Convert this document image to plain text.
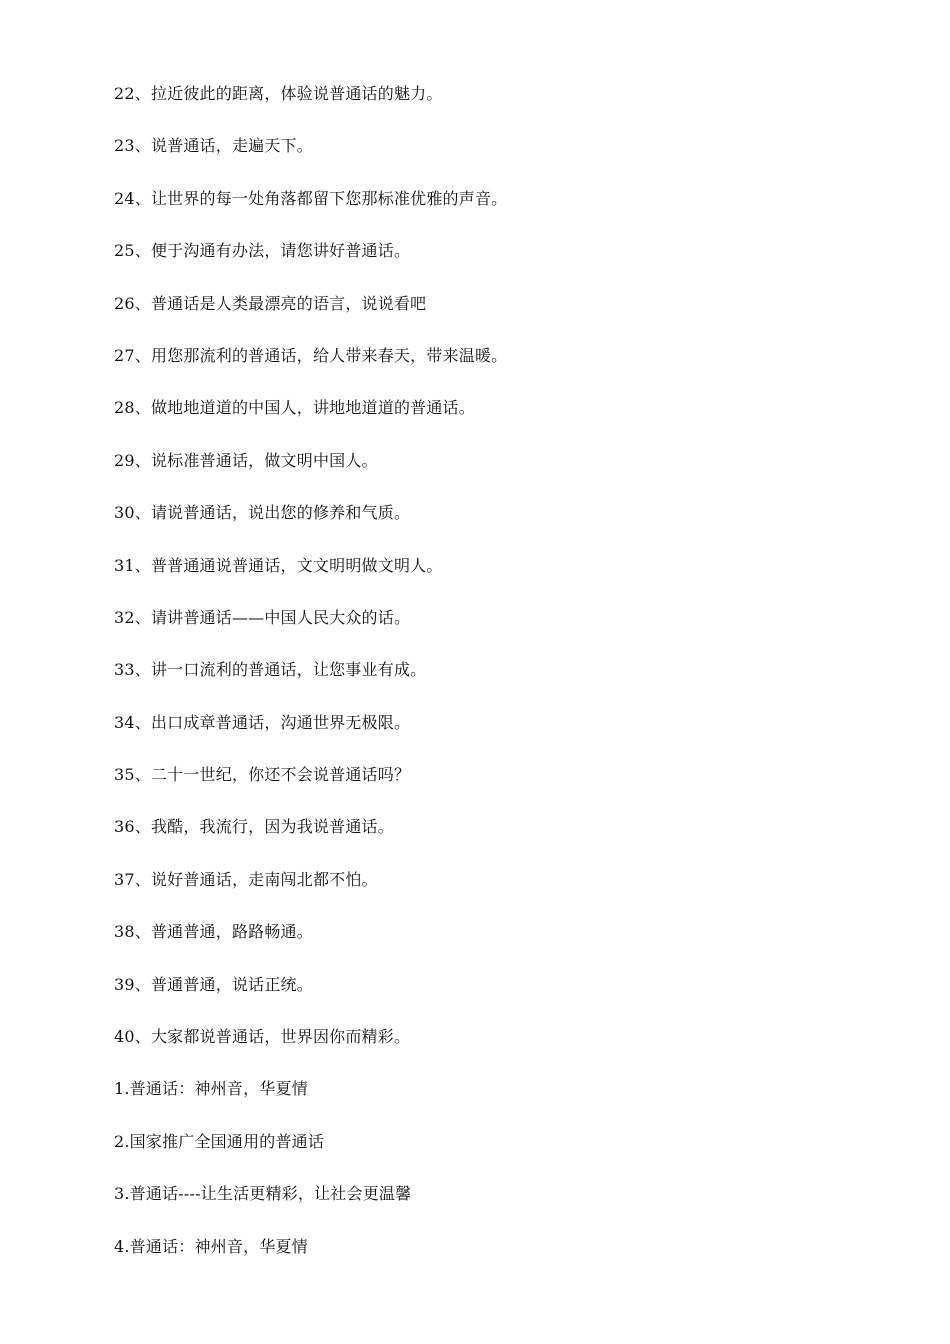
22、拉近彼此的距离，体验说普通话的魅力。
23、说普通话，走遍天下。
24、让世界的每一处角落都留下您那标准优雅的声音。
25、便于沟通有办法，请您讲好普通话。
26、普通话是人类最漂亮的语言，说说看吧
27、用您那流利的普通话，给人带来春天，带来温暖。
28、做地地道道的中国人，讲地地道道的普通话。
29、说标准普通话，做文明中国人。
30、请说普通话，说出您的修养和气质。
31、普普通通说普通话，文文明明做文明人。
32、请讲普通话——中国人民大众的话。
33、讲一口流利的普通话，让您事业有成。
34、出口成章普通话，沟通世界无极限。
35、二十一世纪，你还不会说普通话吗？
36、我酷，我流行，因为我说普通话。
37、说好普通话，走南闯北都不怕。
38、普通普通，路路畅通。
39、普通普通，说话正统。
40、大家都说普通话，世界因你而精彩。
1.普通话：神州音，华夏情
2.国家推广全国通用的普通话
3.普通话----让生活更精彩，让社会更温馨
4.普通话：神州音，华夏情
